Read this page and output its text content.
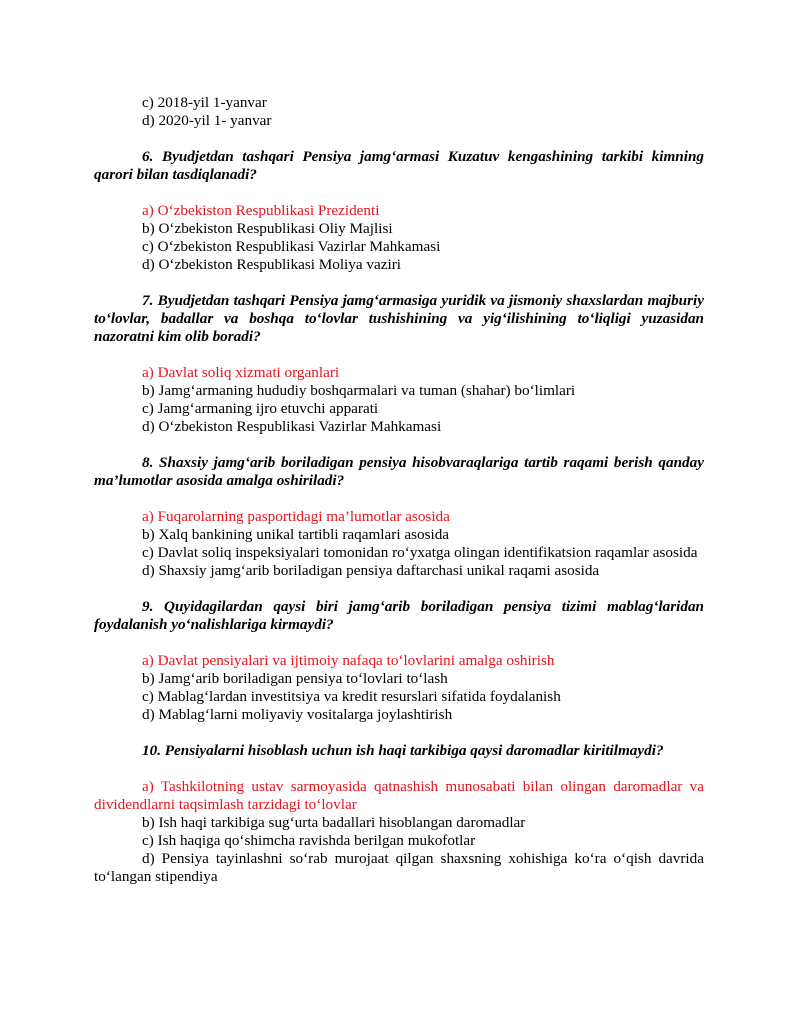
c) 2018-yil 1-yanvar

d) 2020-yil 1- yanvar

6. Byudjetdan tashqari Pensiya jamg‘armasi Kuzatuv kengashining tarkibi kimning qarori bilan tasdiqlanadi?

a) O‘zbekiston Respublikasi Prezidenti

b) O‘zbekiston Respublikasi Oliy Majlisi

c) O‘zbekiston Respublikasi Vazirlar Mahkamasi

d) O‘zbekiston Respublikasi Moliya vaziri

7. Byudjetdan tashqari Pensiya jamg‘armasiga yuridik va jismoniy shaxslardan majburiy to‘lovlar, badallar va boshqa to‘lovlar tushishining va yig‘ilishining to‘liqligi yuzasidan nazoratni kim olib boradi?

a) Davlat soliq xizmati organlari

b) Jamg‘armaning hududiy boshqarmalari va tuman (shahar) bo‘limlari

c) Jamg‘armaning ijro etuvchi apparati

d) O‘zbekiston Respublikasi Vazirlar Mahkamasi

8. Shaxsiy jamg‘arib boriladigan pensiya hisobvaraqlariga tartib raqami berish qanday ma’lumotlar asosida amalga oshiriladi?

a) Fuqarolarning pasportidagi ma’lumotlar asosida

b) Xalq bankining unikal tartibli raqamlari asosida

c) Davlat soliq inspeksiyalari tomonidan ro‘yxatga olingan identifikatsion raqamlar asosida

d) Shaxsiy jamg‘arib boriladigan pensiya daftarchasi unikal raqami asosida

9. Quyidagilardan qaysi biri jamg‘arib boriladigan pensiya tizimi mablag‘laridan foydalanish yo‘nalishlariga kirmaydi?

a) Davlat pensiyalari va ijtimoiy nafaqa to‘lovlarini amalga oshirish

b) Jamg‘arib boriladigan pensiya to‘lovlari to‘lash

c) Mablag‘lardan investitsiya va kredit resurslari sifatida foydalanish

d) Mablag‘larni moliyaviy vositalarga joylashtirish

10. Pensiyalarni hisoblash uchun ish haqi tarkibiga qaysi daromadlar kiritilmaydi?

a) Tashkilotning ustav sarmoyasida qatnashish munosabati bilan olingan daromadlar va dividendlarni taqsimlash tarzidagi to‘lovlar

b) Ish haqi tarkibiga sug‘urta badallari hisoblangan daromadlar

c) Ish haqiga qo‘shimcha ravishda berilgan mukofotlar

d) Pensiya tayinlashni so‘rab murojaat qilgan shaxsning xohishiga ko‘ra o‘qish davrida to‘langan stipendiya
